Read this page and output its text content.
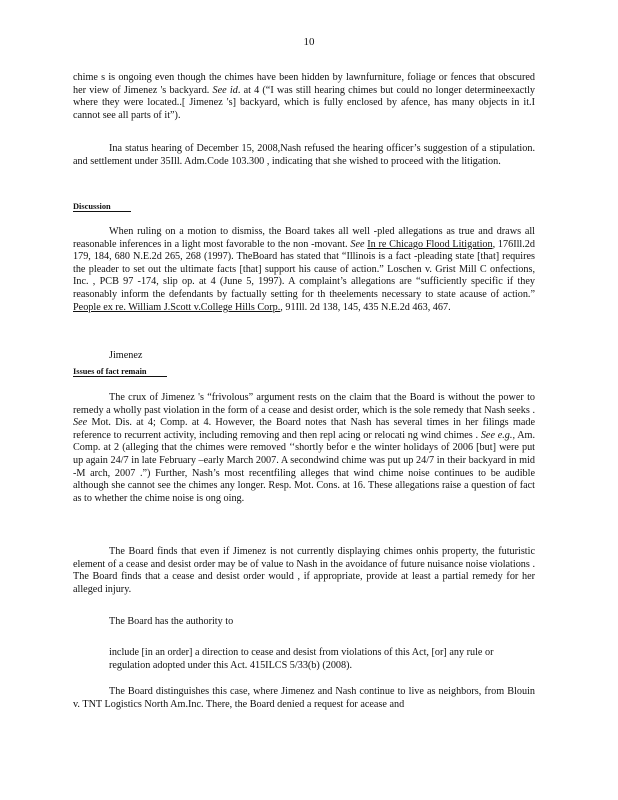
10
chime s is ongoing even though the chimes have been hidden by lawnfurniture, foliage or fences that obscured her view of Jimenez 's backyard. See id. at 4 (“I was still hearing chimes but could no longer determineexactly where they were located..[ Jimenez 's] backyard, which is fully enclosed by afence, has many objects in it.I cannot see all parts of it”).
Ina status hearing of December 15, 2008,Nash refused the hearing officer’s suggestion of a stipulation. and settlement under 35Ill. Adm.Code 103.300 , indicating that she wished to proceed with the litigation.
Discussion
When ruling on a motion to dismiss, the Board takes all well -pled allegations as true and draws all reasonable inferences in a light most favorable to the non -movant. See In re Chicago Flood Litigation, 176Ill.2d 179, 184, 680 N.E.2d 265, 268 (1997). TheBoard has stated that “Illinois is a fact -pleading state [that] requires the pleader to set out the ultimate facts [that] support his cause of action.” Loschen v. Grist Mill C onfections, Inc. , PCB 97 -174, slip op. at 4 (June 5, 1997). A complaint’s allegations are “sufficiently specific if they reasonably inform the defendants by factually setting for th theelements necessary to state acause of action.” People ex re. William J.Scott v.College Hills Corp., 91Ill. 2d 138, 145, 435 N.E.2d 463, 467.
Jimenez
Issues of fact remain
The crux of Jimenez 's “frivolous” argument rests on the claim that the Board is without the power to remedy a wholly past violation in the form of a cease and desist order, which is the sole remedy that Nash seeks . See Mot. Dis. at 4; Comp. at 4. However, the Board notes that Nash has several times in her filings made reference to recurrent activity, including removing and then repl acing or relocati ng wind chimes . See e.g., Am. Comp. at 2 (alleging that the chimes were removed ‘‘shortly befor e the winter holidays of 2006 [but] were put up again 24/7 in late February –early March 2007. A secondwind chime was put up 24/7 in their backyard in mid -M arch, 2007 .”) Further, Nash’s most recentfiling alleges that wind chime noise continues to be audible although she cannot see the chimes any longer. Resp. Mot. Cons. at 16. These allegations raise a question of fact as to whether the chime noise is ong oing.
The Board finds that even if Jimenez is not currently displaying chimes onhis property, the futuristic element of a cease and desist order may be of value to Nash in the avoidance of future nuisance noise violations . The Board finds that a cease and desist order would , if appropriate, provide at least a partial remedy for her alleged injury.
The Board has the authority to
include [in an order] a direction to cease and desist from violations of this Act, [or] any rule or regulation adopted under this Act. 415ILCS 5/33(b) (2008).
The Board distinguishes this case, where Jimenez and Nash continue to live as neighbors, from Blouin v. TNT Logistics North Am.Inc. There, the Board denied a request for acease and
